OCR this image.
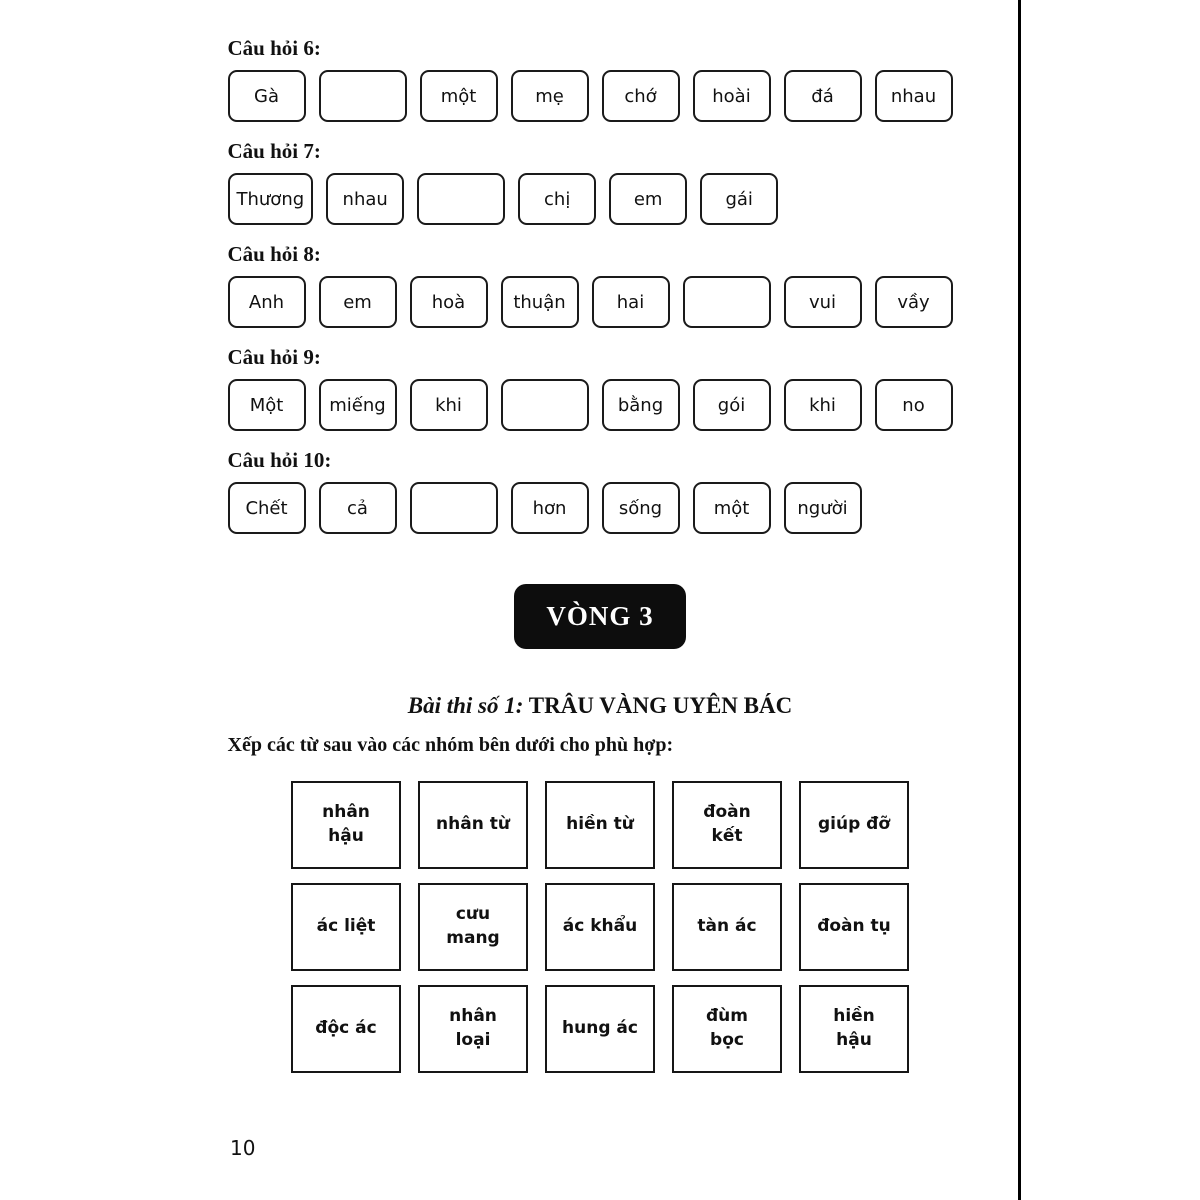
Câu hỏi 6:
Gà	một	mẹ	chớ	hoài	đá	nhau
Câu hỏi 7:
Thương	nhau	chị	em	gái
Câu hỏi 8:
Anh	em	hoà	thuận	hai	vui	vầy
Câu hỏi 9:
Một	miếng	khi	bằng	gói	khi	no
Câu hỏi 10:
Chết	cả	hơn	sống	một	người
VÒNG 3
Bài thi số 1: TRÂU VÀNG UYÊN BÁC
Xếp các từ sau vào các nhóm bên dưới cho phù hợp:
nhân
hậu
nhân từ	hiền từ
đoàn
kết
giúp đỡ
ác liệt
cưu
mang
ác khẩu	tàn ác	đoàn tụ
độc ác
nhân
loại
hung ác
đùm
bọc
hiền
hậu
10
